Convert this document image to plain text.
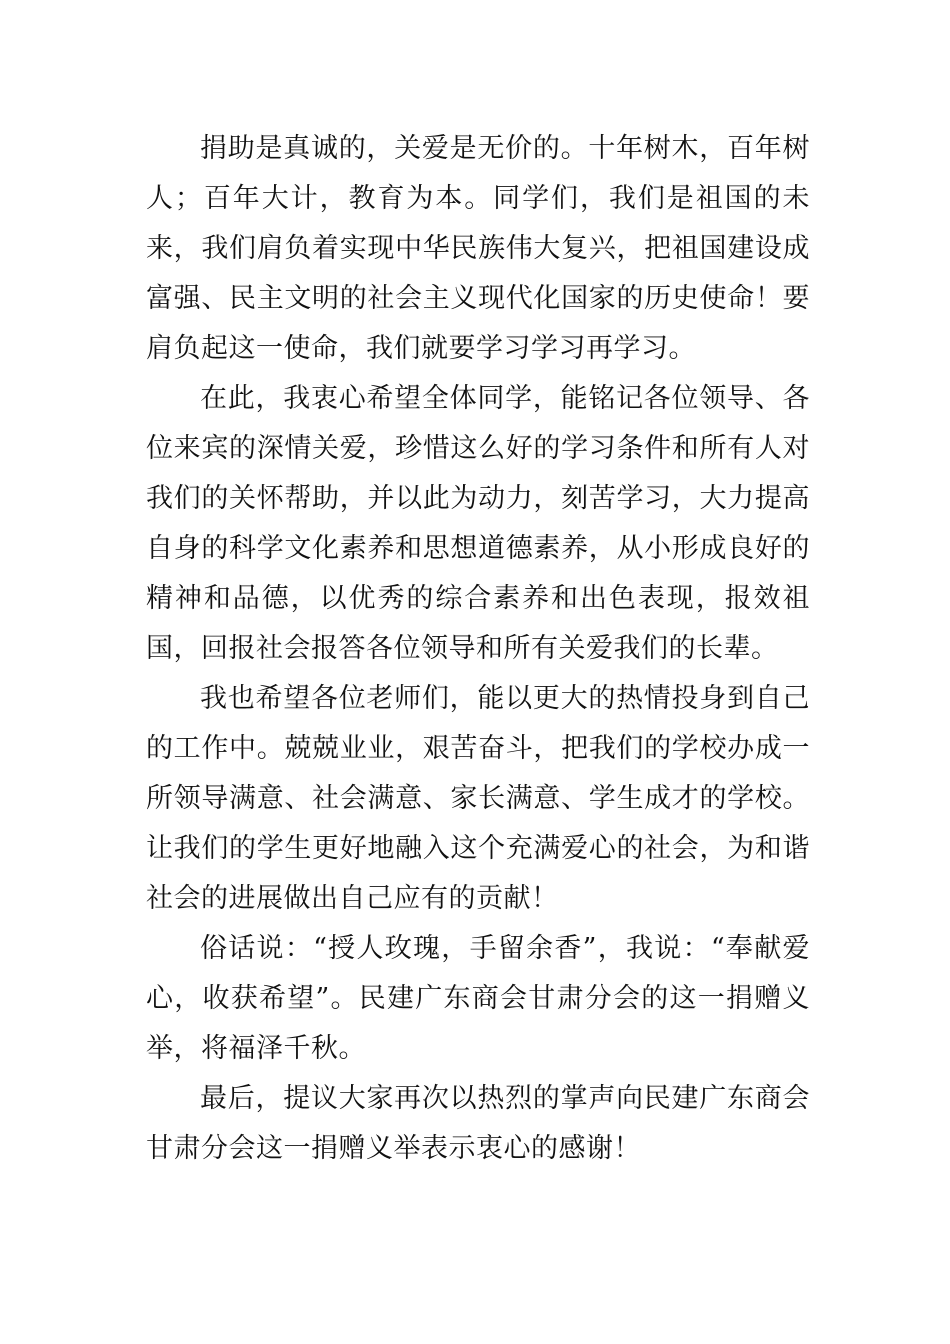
捐助是真诚的，关爱是无价的。十年树木，百年树人；百年大计，教育为本。同学们，我们是祖国的未来，我们肩负着实现中华民族伟大复兴，把祖国建设成富强、民主文明的社会主义现代化国家的历史使命！要肩负起这一使命，我们就要学习学习再学习。

在此，我衷心希望全体同学，能铭记各位领导、各位来宾的深情关爱，珍惜这么好的学习条件和所有人对我们的关怀帮助，并以此为动力，刻苦学习，大力提高自身的科学文化素养和思想道德素养，从小形成良好的精神和品德，以优秀的综合素养和出色表现，报效祖国，回报社会报答各位领导和所有关爱我们的长辈。

我也希望各位老师们，能以更大的热情投身到自己的工作中。兢兢业业，艰苦奋斗，把我们的学校办成一所领导满意、社会满意、家长满意、学生成才的学校。 让我们的学生更好地融入这个充满爱心的社会，为和谐社会的进展做出自己应有的贡献！

俗话说：“授人玫瑰，手留余香”，我说：“奉献爱心，收获希望”。民建广东商会甘肃分会的这一捐赠义举，将福泽千秋。

最后，提议大家再次以热烈的掌声向民建广东商会甘肃分会这一捐赠义举表示衷心的感谢！
